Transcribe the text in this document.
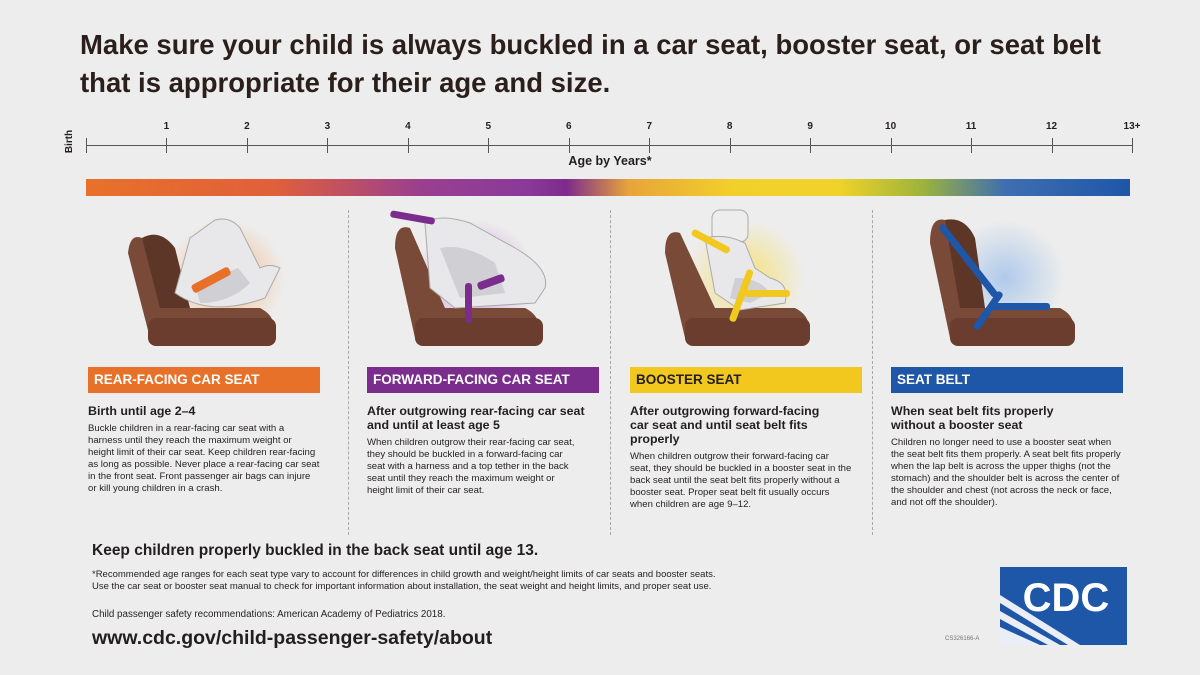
Make sure your child is always buckled in a car seat, booster seat, or seat belt that is appropriate for their age and size.
Birth
1	2	3	4	5	6	7	8	9	10	11	12	13+
Age by Years*
REAR-FACING CAR SEAT
Birth until age 2–4
Buckle children in a rear-facing car seat with a harness until they reach the maximum weight or height limit of their car seat. Keep children rear-facing as long as possible. Never place a rear-facing car seat in the front seat. Front passenger air bags can injure or kill young children in a crash.
FORWARD-FACING CAR SEAT
After outgrowing rear-facing car seat and until at least age 5
When children outgrow their rear-facing car seat, they should be buckled in a forward-facing car seat with a harness and a top tether in the back seat until they reach the maximum weight or height limit of their car seat.
BOOSTER SEAT
After outgrowing forward-facing car seat and until seat belt fits properly
When children outgrow their forward-facing car seat, they should be buckled in a booster seat in the back seat until the seat belt fits properly without a booster seat. Proper seat belt fit usually occurs when children are age 9–12.
SEAT BELT
When seat belt fits properly without a booster seat
Children no longer need to use a booster seat when the seat belt fits them properly. A seat belt fits properly when the lap belt is across the upper thighs (not the stomach) and the shoulder belt is across the center of the shoulder and chest (not across the neck or face, and not off the shoulder).
Keep children properly buckled in the back seat until age 13.
*Recommended age ranges for each seat type vary to account for differences in child growth and weight/height limits of car seats and booster seats.
Use the car seat or booster seat manual to check for important information about installation, the seat weight and height limits, and proper seat use.
Child passenger safety recommendations: American Academy of Pediatrics 2018.
www.cdc.gov/child-passenger-safety/about
CDC
CS326166-A
